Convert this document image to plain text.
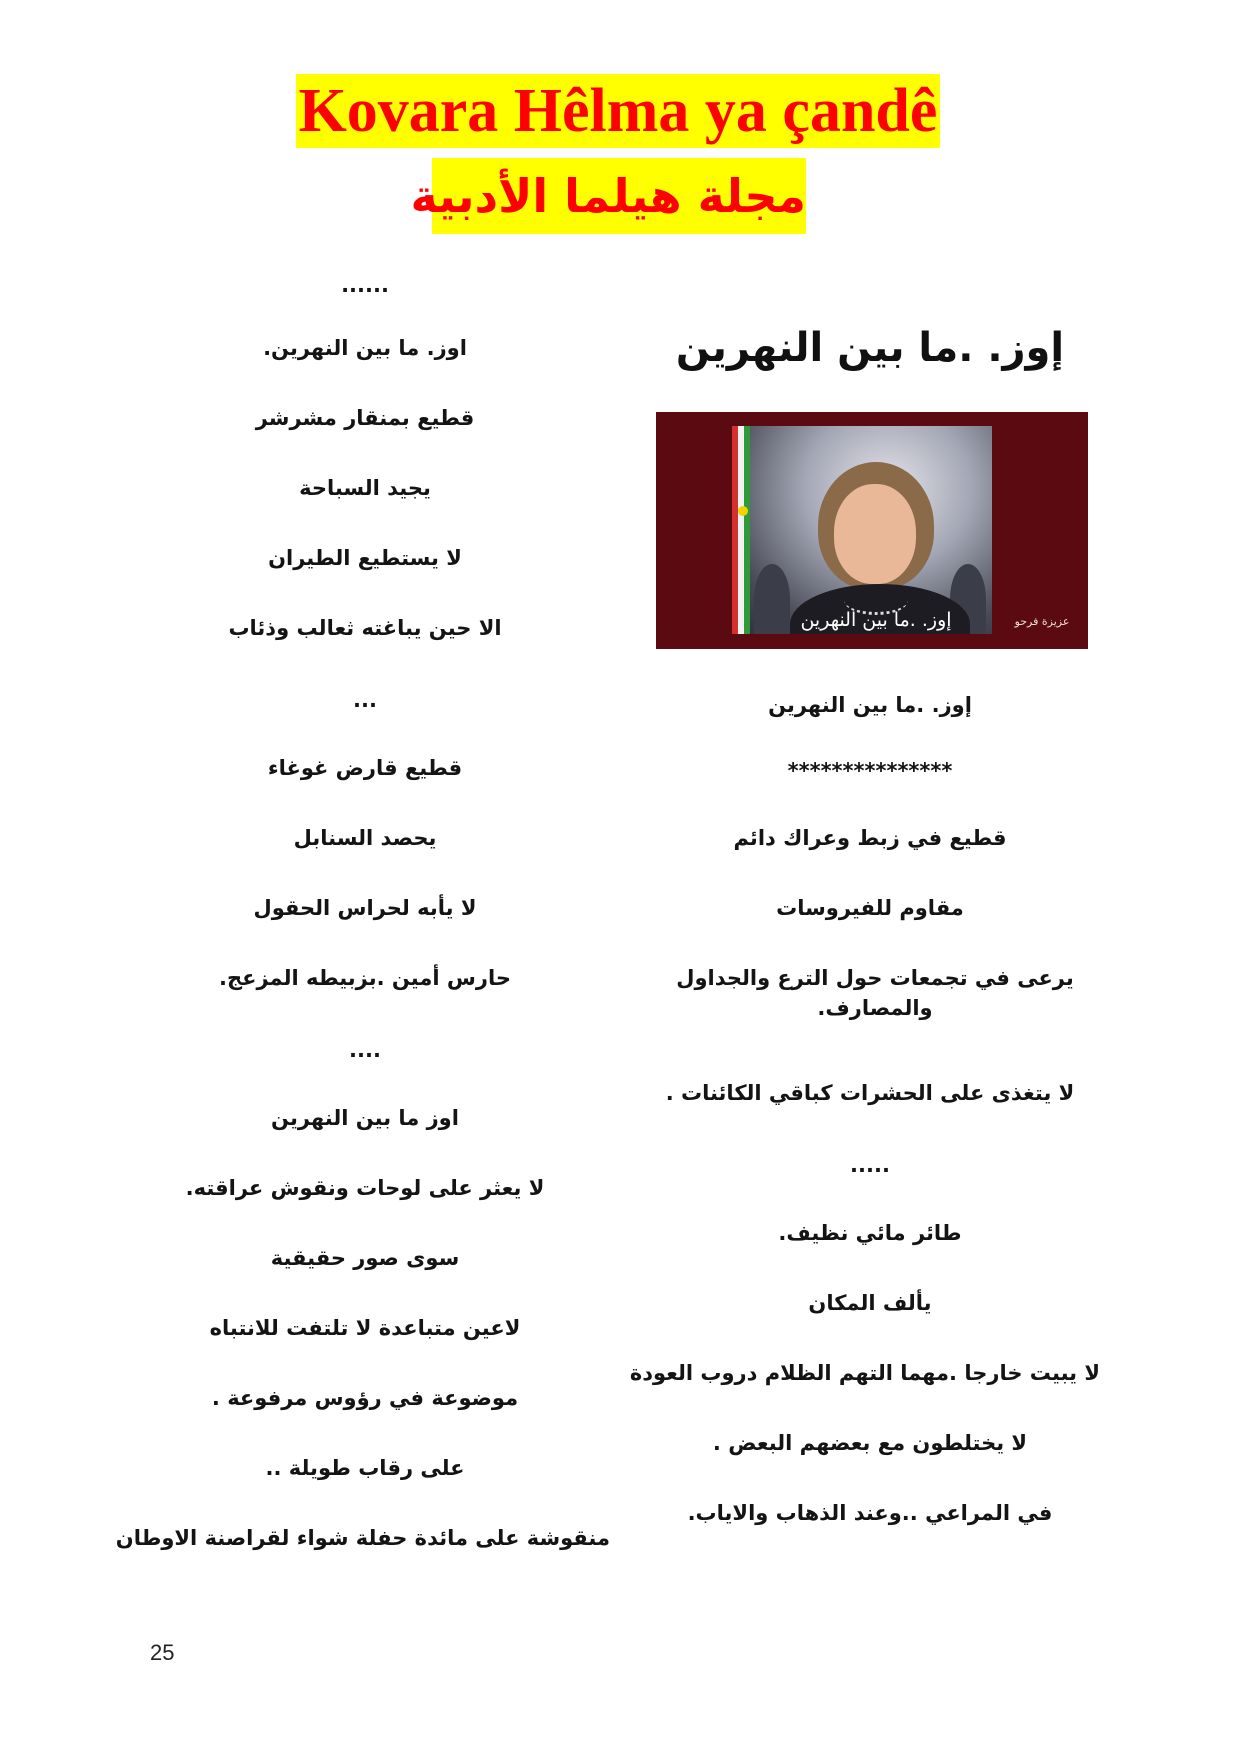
Kovara Hêlma ya çandê
مجلة هيلما الأدبية
......
اوز. ما بين النهرين.
قطيع بمنقار مشرشر
يجيد السباحة
لا يستطيع الطيران
الا حين يباغته ثعالب وذئاب
...
قطيع قارض غوغاء
يحصد السنابل
لا يأبه لحراس الحقول
حارس أمين .بزبيطه المزعج.
....
اوز ما بين النهرين
لا يعثر على لوحات ونقوش عراقته.
سوى صور حقيقية
لاعين متباعدة لا تلتفت للانتباه
موضوعة في رؤوس مرفوعة .
على رقاب طويلة ..
منقوشة على مائدة حفلة شواء لقراصنة الاوطان
إوز. .ما بين النهرين
إوز. .ما بين النهرين	عزيزة فرحو
إوز. .ما بين النهرين
***************
قطيع في زبط وعراك دائم
مقاوم للفيروسات
يرعى في تجمعات حول الترع والجداول والمصارف.
لا يتغذى على الحشرات كباقي الكائنات .
.....
طائر مائي نظيف.
يألف المكان
لا يبيت خارجا .مهما التهم الظلام دروب العودة
لا يختلطون مع بعضهم البعض .
في المراعي ..وعند الذهاب والاياب.
25
